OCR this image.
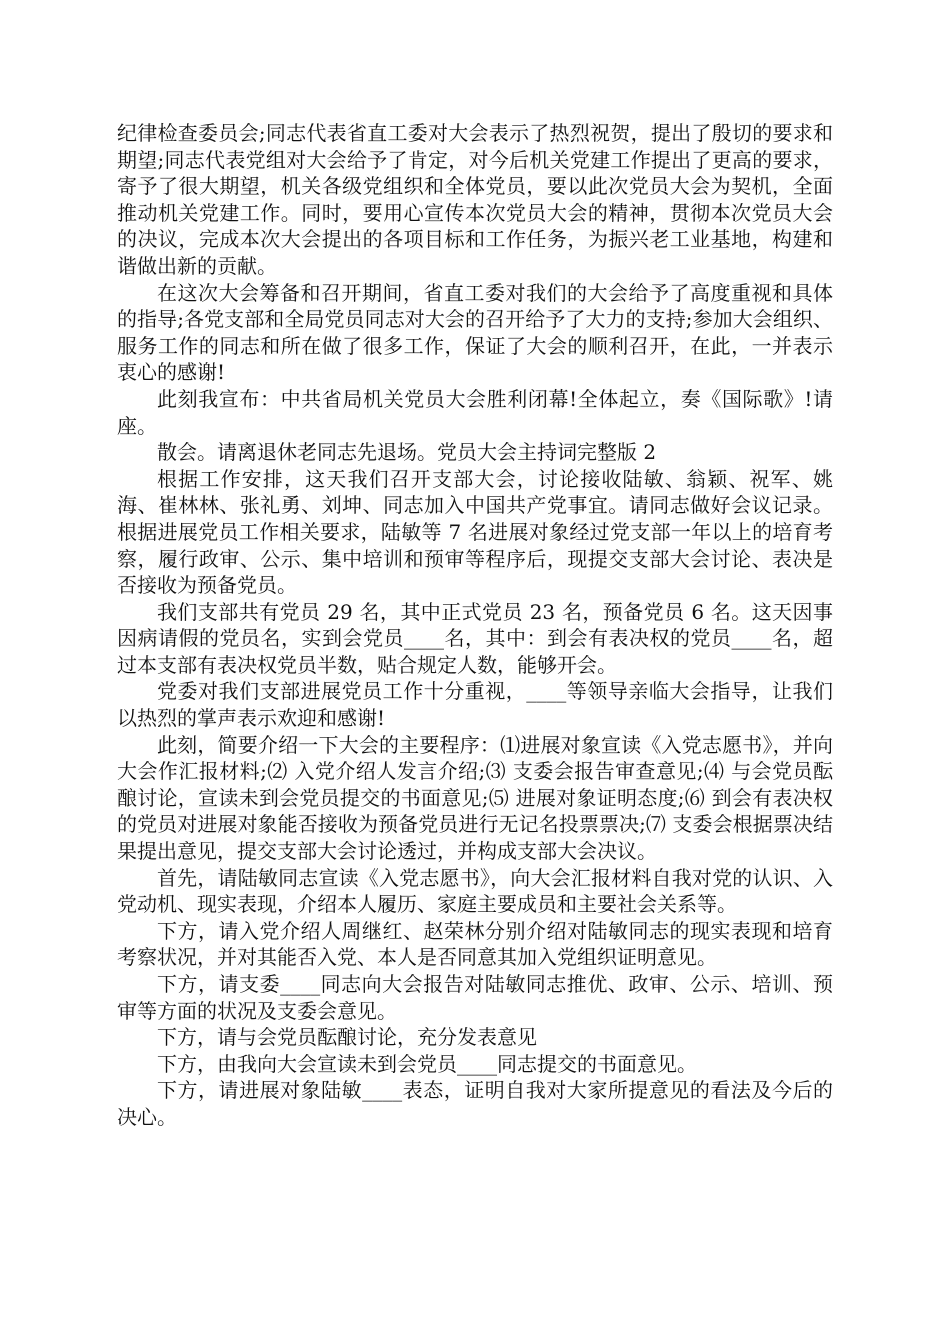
纪律检查委员会;同志代表省直工委对大会表示了热烈祝贺，提出了殷切的要求和期望;同志代表党组对大会给予了肯定，对今后机关党建工作提出了更高的要求，寄予了很大期望，机关各级党组织和全体党员，要以此次党员大会为契机，全面推动机关党建工作。同时，要用心宣传本次党员大会的精神，贯彻本次党员大会的决议，完成本次大会提出的各项目标和工作任务，为振兴老工业基地，构建和谐做出新的贡献。

在这次大会筹备和召开期间，省直工委对我们的大会给予了高度重视和具体的指导;各党支部和全局党员同志对大会的召开给予了大力的支持;参加大会组织、服务工作的同志和所在做了很多工作，保证了大会的顺利召开，在此，一并表示衷心的感谢!

此刻我宣布：中共省局机关党员大会胜利闭幕!全体起立，奏《国际歌》!请座。

散会。请离退休老同志先退场。党员大会主持词完整版 2

根据工作安排，这天我们召开支部大会，讨论接收陆敏、翁颖、祝军、姚海、崔林林、张礼勇、刘坤、同志加入中国共产党事宜。请同志做好会议记录。根据进展党员工作相关要求，陆敏等 7 名进展对象经过党支部一年以上的培育考察，履行政审、公示、集中培训和预审等程序后，现提交支部大会讨论、表决是否接收为预备党员。

我们支部共有党员 29 名，其中正式党员 23 名，预备党员 6 名。这天因事因病请假的党员名，实到会党员____名，其中：到会有表决权的党员____名，超过本支部有表决权党员半数，贴合规定人数，能够开会。

党委对我们支部进展党员工作十分重视，____等领导亲临大会指导，让我们以热烈的掌声表示欢迎和感谢!

此刻，简要介绍一下大会的主要程序：⑴进展对象宣读《入党志愿书》，并向大会作汇报材料;⑵ 入党介绍人发言介绍;⑶ 支委会报告审查意见;⑷ 与会党员酝酿讨论，宣读未到会党员提交的书面意见;⑸ 进展对象证明态度;⑹ 到会有表决权的党员对进展对象能否接收为预备党员进行无记名投票票决;⑺ 支委会根据票决结果提出意见，提交支部大会讨论透过，并构成支部大会决议。

首先，请陆敏同志宣读《入党志愿书》，向大会汇报材料自我对党的认识、入党动机、现实表现，介绍本人履历、家庭主要成员和主要社会关系等。

下方，请入党介绍人周继红、赵荣林分别介绍对陆敏同志的现实表现和培育考察状况，并对其能否入党、本人是否同意其加入党组织证明意见。

下方，请支委____同志向大会报告对陆敏同志推优、政审、公示、培训、预审等方面的状况及支委会意见。

下方，请与会党员酝酿讨论，充分发表意见

下方，由我向大会宣读未到会党员____同志提交的书面意见。

下方，请进展对象陆敏____表态，证明自我对大家所提意见的看法及今后的决心。
